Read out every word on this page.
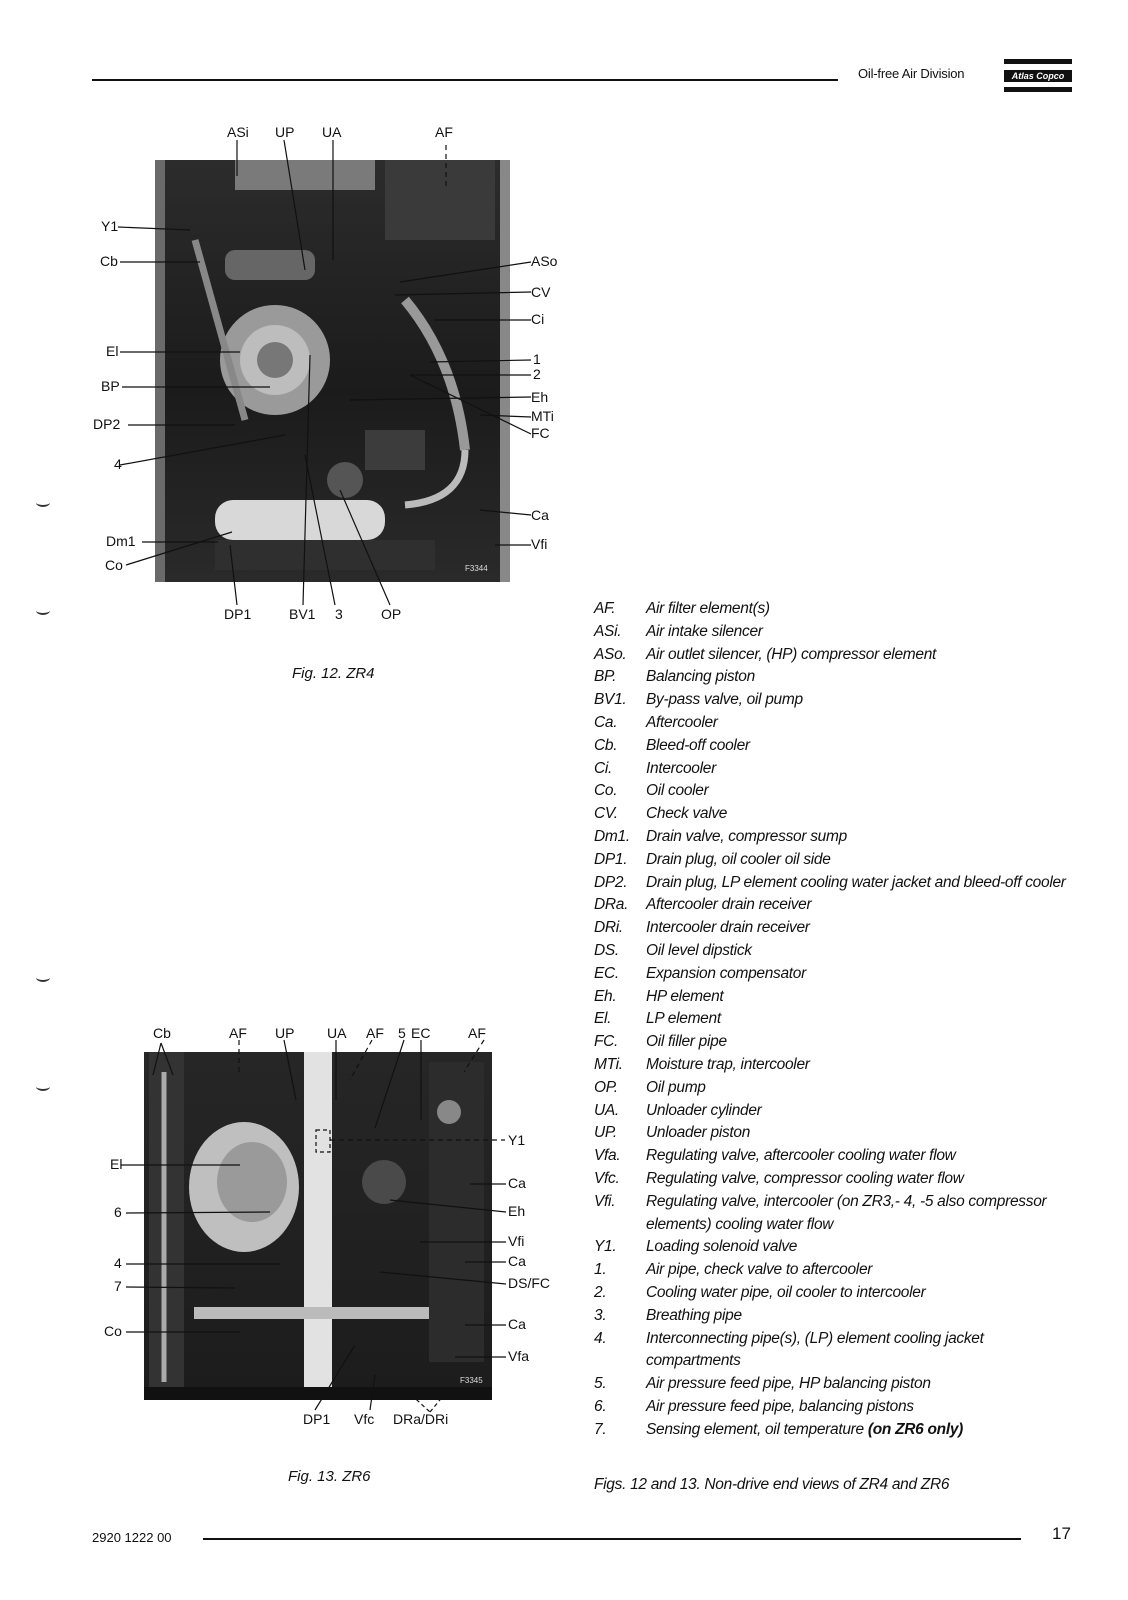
Oil-free Air Division	Atlas Copco
F3344
ASi UP UA	AF
Y1
Cb
El
BP
DP2
4
Dm1
Co
ASo
CV
Ci
1
2
Eh
MTi
FC
Ca
Vfi
DP1	BV1 3	OP
Fig. 12. ZR4
F3345
Cb	AF UP UA AF 5 EC	AF
El
6
4
7
Co
Y1
Ca
Eh
Vfi
Ca
DS/FC
Ca
Vfa
DP1 Vfc DRa/DRi
Fig. 13. ZR6
AF.	Air filter element(s)
ASi.	Air intake silencer
ASo.	Air outlet silencer, (HP) compressor element
BP.	Balancing piston
BV1.	By-pass valve, oil pump
Ca.	Aftercooler
Cb.	Bleed-off cooler
Ci.	Intercooler
Co.	Oil cooler
CV.	Check valve
Dm1.	Drain valve, compressor sump
DP1.	Drain plug, oil cooler oil side
DP2.	Drain plug, LP element cooling water jacket and bleed-off cooler
DRa.	Aftercooler drain receiver
DRi.	Intercooler drain receiver
DS.	Oil level dipstick
EC.	Expansion compensator
Eh.	HP element
El.	LP element
FC.	Oil filler pipe
MTi.	Moisture trap, intercooler
OP.	Oil pump
UA.	Unloader cylinder
UP.	Unloader piston
Vfa.	Regulating valve, aftercooler cooling water flow
Vfc.	Regulating valve, compressor cooling water flow
Vfi.	Regulating valve, intercooler (on ZR3,- 4, -5 also compressor elements) cooling water flow
Y1.	Loading solenoid valve
1.	Air pipe, check valve to aftercooler
2.	Cooling water pipe, oil cooler to intercooler
3.	Breathing pipe
4.	Interconnecting pipe(s), (LP) element cooling jacket compartments
5.	Air pressure feed pipe, HP balancing piston
6.	Air pressure feed pipe, balancing pistons
7.	Sensing element, oil temperature (on ZR6 only)
Figs. 12 and 13. Non-drive end views of ZR4 and ZR6
2920 1222 00	17
